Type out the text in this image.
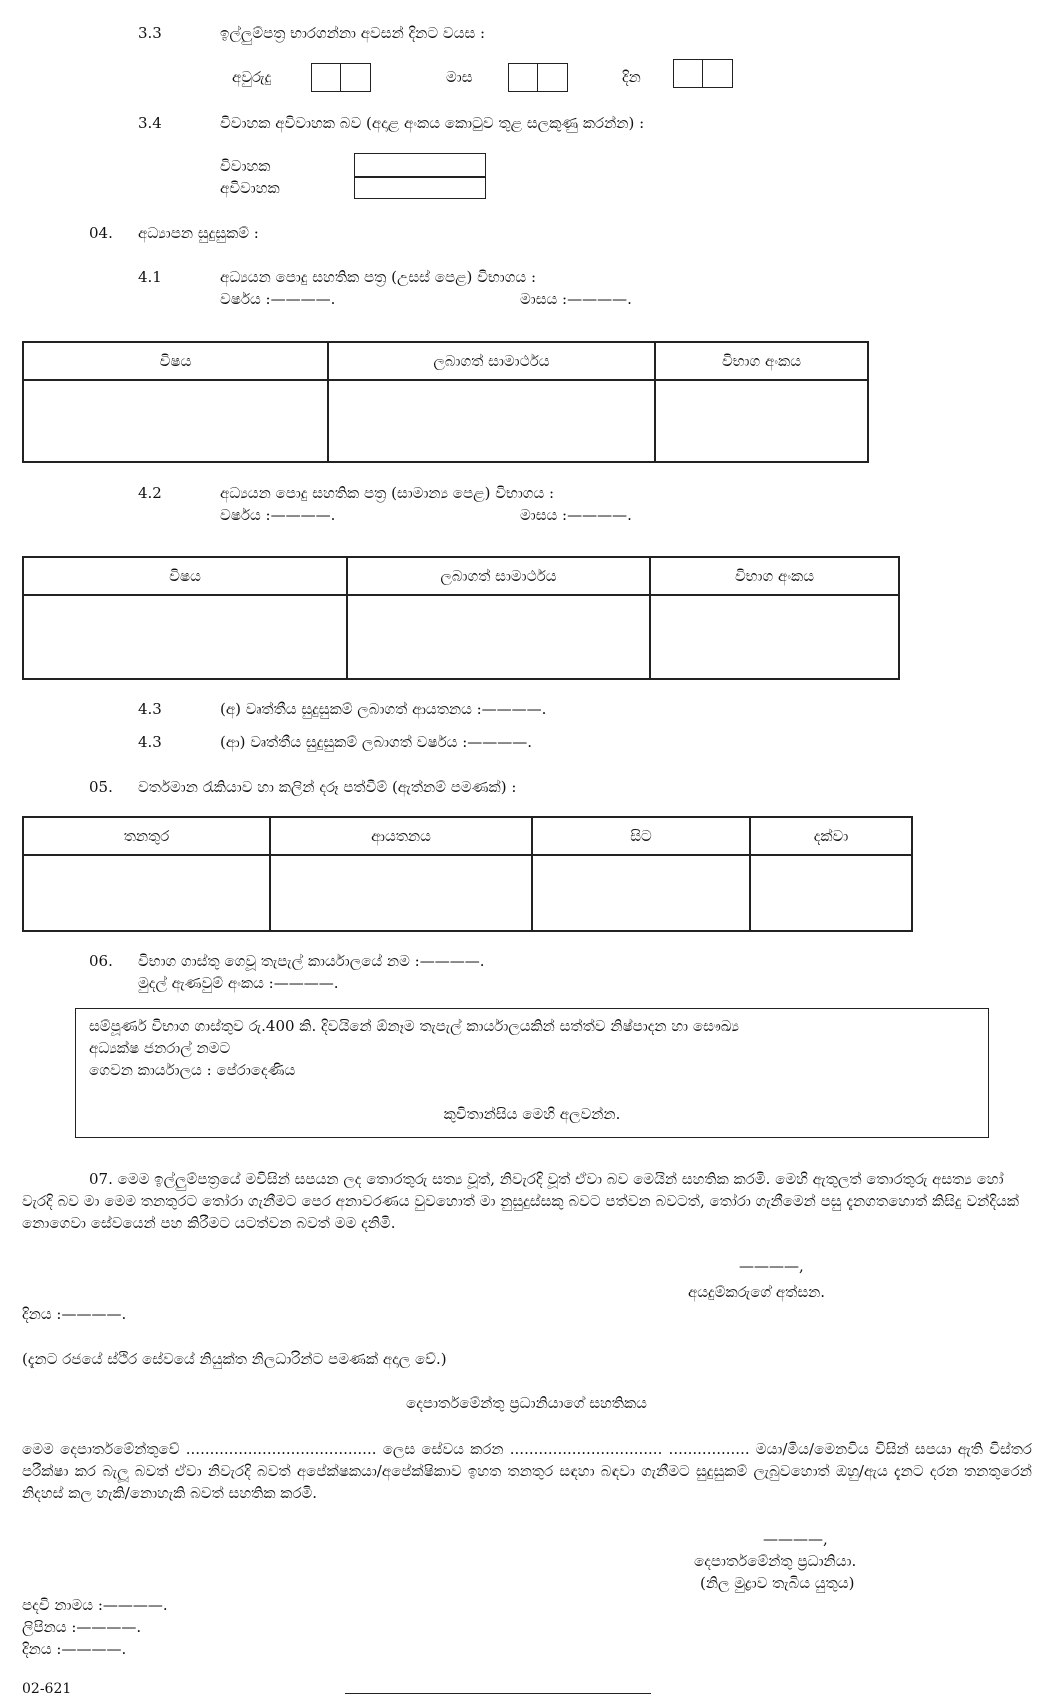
3.3	ඉල්ලුම්පත්‍ර භාරගන්නා අවසන් දිනට වයස :
අවුරුදු	මාස	දින
3.4	විවාහක අවිවාහක බව (අදාළ අංකය කොටුව තුළ සලකුණු කරන්න) :
විවාහක
අවිවාහක
04. අධ්‍යාපන සුදුසුකම් :
4.1	අධ්‍යයන පොදු සහතික පත්‍ර (උසස් පෙළ) විභාගය :
වර්ෂය :————.	මාසය :————.
විෂය	ලබාගත් සාමාර්ථය	විභාග අංකය

4.2	අධ්‍යයන පොදු සහතික පත්‍ර (සාමාන්‍ය පෙළ) විභාගය :
වර්ෂය :————.	මාසය :————.
විෂය	ලබාගත් සාමාර්ථය	විභාග අංකය

4.3	(අ) වෘත්තීය සුදුසුකම් ලබාගත් ආයතනය :————.
4.3	(ආ) වෘත්තීය සුදුසුකම් ලබාගත් වර්ෂය :————.
05. වර්තමාන රැකියාව හා කලින් දරූ පත්වීම් (ඇත්නම් පමණක්) :
තනතුර	ආයතනය	සිට	දක්වා

06. විභාග ගාස්තු ගෙවූ තැපැල් කාර්යාලයේ නම :————.
මුදල් ඇණවුම් අංකය :————.
සම්පූර්ණ විභාග ගාස්තුව රු.400 කි. දිවයිනේ ඕනෑම තැපැල් කාර්යාලයකින් සත්ත්ව නිෂ්පාදන හා සෞඛ්‍ය
අධ්‍යක්ෂ ජනරාල් නමට
ගෙවන කාර්යාලය : පේරාදෙණිය
කුවිතාන්සිය මෙහි අලවන්න.
07. මෙම ඉල්ලුම්පත්‍රයේ මවිසින් සපයන ලද තොරතුරු සත්‍ය වූත්, නිවැරදි වූත් ඒවා බව මෙයින් සහතික කරමි. මෙහි ඇතුලත් තොරතුරු අසත්‍ය හෝ වැරදි බව මා මෙම තනතුරට තෝරා ගැනීමට පෙර අනාවරණය වුවහොත් මා නුසුදුස්සකු බවට පත්වන බවටත්, තෝරා ගැනීමෙන් පසු දැනගතහොත් කිසිදු වන්දියක් නොගෙවා සේවයෙන් පහ කිරීමට යටත්වන බවත් මම දනිමි.
————,
අයදුම්කරුගේ අත්සන.
දිනය :————.
(දැනට රජයේ ස්ථිර සේවයේ නියුක්ත නිලධාරින්ට පමණක් අදාල වේ.)
දෙපාර්තමේන්තු ප්‍රධානියාගේ සහතිකය
මෙම දෙපාර්තමේන්තුවේ ........................................ ලෙස සේවය කරන ................................ ................. මයා/මිය/මෙනවිය විසින් සපයා ඇති විස්තර පරීක්ෂා කර බැලූ බවත් ඒවා නිවැරදි බවත් අපේක්ෂකයා/අපේක්ෂිකාව ඉහත තනතුර සඳහා බඳවා ගැනීමට සුදුසුකම් ලැබුවහොත් ඔහු/ඇය දැනට දරන තනතුරෙන් නිදහස් කල හැකි/නොහැකි බවත් සහතික කරමි.
————,
දෙපාර්තමේන්තු ප්‍රධානියා.
(නිල මුද්‍රාව තැබිය යුතුය)
පදවි නාමය :————.
ලිපිනය :————.
දිනය :————.
02-621
